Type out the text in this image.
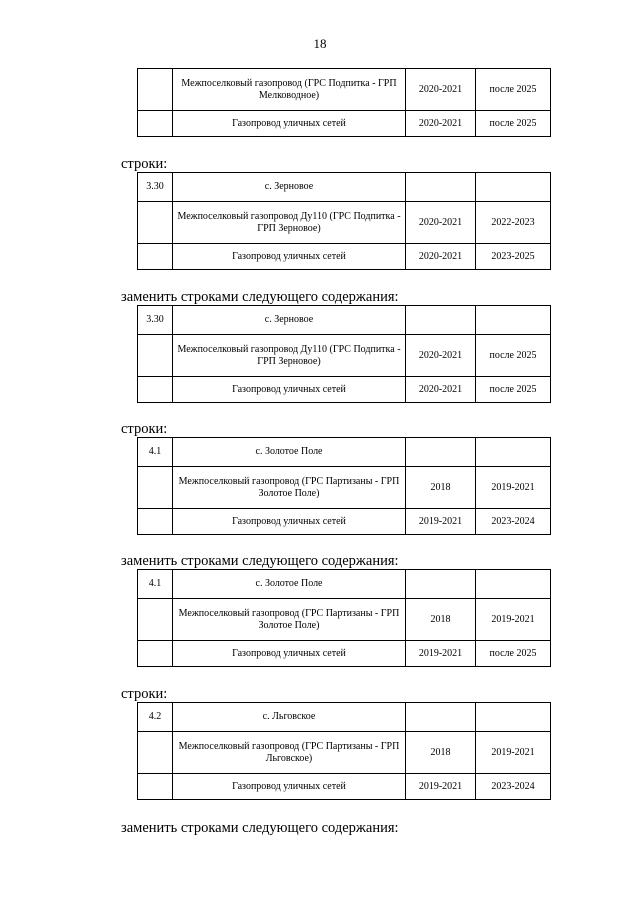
18
	Межпоселковый газопровод (ГРС Подпитка - ГРП Мелководное)	2020-2021	после 2025
	Газопровод уличных сетей	2020-2021	после 2025
строки:
3.30	с. Зерновое		
	Межпоселковый газопровод Ду110 (ГРС Подпитка - ГРП Зерновое)	2020-2021	2022-2023
	Газопровод уличных сетей	2020-2021	2023-2025
заменить строками следующего содержания:
3.30	с. Зерновое		
	Межпоселковый газопровод Ду110 (ГРС Подпитка - ГРП Зерновое)	2020-2021	после 2025
	Газопровод уличных сетей	2020-2021	после 2025
строки:
4.1	с. Золотое Поле		
	Межпоселковый газопровод (ГРС Партизаны - ГРП Золотое Поле)	2018	2019-2021
	Газопровод уличных сетей	2019-2021	2023-2024
заменить строками следующего содержания:
4.1	с. Золотое Поле		
	Межпоселковый газопровод (ГРС Партизаны - ГРП Золотое Поле)	2018	2019-2021
	Газопровод уличных сетей	2019-2021	после 2025
строки:
4.2	с. Льговское		
	Межпоселковый газопровод (ГРС Партизаны - ГРП Льговское)	2018	2019-2021
	Газопровод уличных сетей	2019-2021	2023-2024
заменить строками следующего содержания:
